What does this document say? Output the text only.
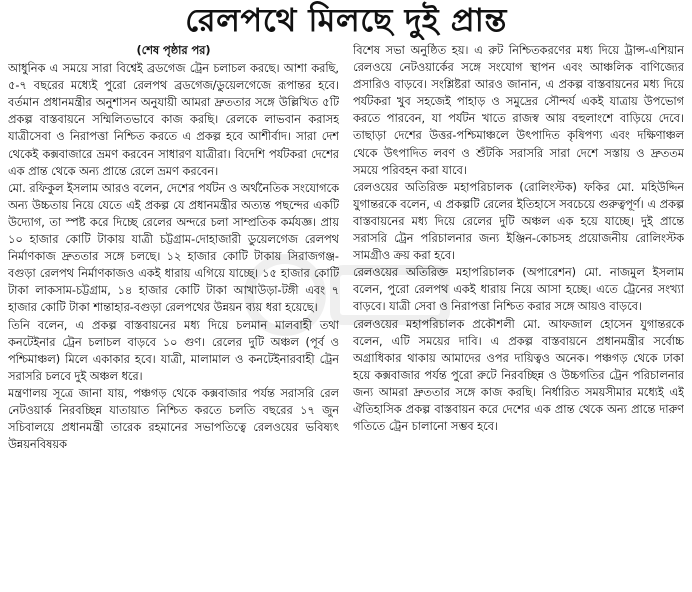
রেলপথে মিলছে দুই প্রান্ত

(শেষ পৃষ্ঠার পর)

আধুনিক এ সময়ে সারা বিশ্বেই ব্রডগেজ ট্রেন চলাচল করছে। আশা করছি, ৫-৭ বছরের মধ্যেই পুরো রেলপথ ব্রডগেজ/ডুয়েলগেজে রূপান্তর হবে। বর্তমান প্রধানমন্ত্রীর অনুশাসন অনুযায়ী আমরা দ্রুততার সঙ্গে উল্লিখিত ৫টি প্রকল্প বাস্তবায়নে সম্মিলিতভাবে কাজ করছি। রেলকে লাভবান করাসহ যাত্রীসেবা ও নিরাপত্তা নিশ্চিত করতে এ প্রকল্প হবে আশীর্বাদ। সারা দেশ থেকেই কক্সবাজারে ভ্রমণ করবেন সাধারণ যাত্রীরা। বিদেশি পর্যটকরা দেশের এক প্রান্ত থেকে অন্য প্রান্তে রেলে ভ্রমণ করবেন।

মো. রফিকুল ইসলাম আরও বলেন, দেশের পর্যটন ও অর্থনৈতিক সংযোগকে অন্য উচ্চতায় নিয়ে যেতে এই প্রকল্প যে প্রধানমন্ত্রীর অত্যন্ত পছন্দের একটি উদ্যোগ, তা স্পষ্ট করে দিচ্ছে রেলের অন্দরে চলা সাম্প্রতিক কর্মযজ্ঞ। প্রায় ১০ হাজার কোটি টাকায় যাত্রী চট্টগ্রাম-দোহাজারী ডুয়েলগেজ রেলপথ নির্মাণকাজ দ্রুততার সঙ্গে চলছে। ১২ হাজার কোটি টাকায় সিরাজগঞ্জ-বগুড়া রেলপথ নির্মাণকাজও একই ধারায় এগিয়ে যাচ্ছে। ১৫ হাজার কোটি টাকা লাকসাম-চট্টগ্রাম, ১৪ হাজার কোটি টাকা আখাউড়া-টঙ্গী এবং ৭ হাজার কোটি টাকা শান্তাহার-বগুড়া রেলপথের উন্নয়ন ব্যয় ধরা হয়েছে।

তিনি বলেন, এ প্রকল্প বাস্তবায়নের মধ্য দিয়ে চলমান মালবাহী তথা কনটেইনার ট্রেন চলাচল বাড়বে ১০ গুণ। রেলের দুটি অঞ্চল (পূর্ব ও পশ্চিমাঞ্চল) মিলে একাকার হবে। যাত্রী, মালামাল ও কনটেইনারবাহী ট্রেন সরাসরি চলবে দুই অঞ্চল ধরে।

মন্ত্রণালয় সূত্রে জানা যায়, পঞ্চগড় থেকে কক্সবাজার পর্যন্ত সরাসরি রেল নেটওয়ার্ক নিরবচ্ছিন্ন যাতায়াত নিশ্চিত করতে চলতি বছরের ১৭ জুন সচিবালয়ে প্রধানমন্ত্রী তারেক রহমানের সভাপতিত্বে রেলওয়ের ভবিষ্যৎ উন্নয়নবিষয়ক

বিশেষ সভা অনুষ্ঠিত হয়। এ রুট নিশ্চিতকরণের মধ্য দিয়ে ট্রান্স-এশিয়ান রেলওয়ে নেটওয়ার্কের সঙ্গে সংযোগ স্থাপন এবং আঞ্চলিক বাণিজ্যের প্রসারিও বাড়বে। সংশ্লিষ্টরা আরও জানান, এ প্রকল্প বাস্তবায়নের মধ্য দিয়ে পর্যটকরা খুব সহজেই পাহাড় ও সমুদ্রের সৌন্দর্য একই যাত্রায় উপভোগ করতে পারবেন, যা পর্যটন খাতে রাজস্ব আয় বহুলাংশে বাড়িয়ে দেবে। তাছাড়া দেশের উত্তর-পশ্চিমাঞ্চলে উৎপাদিত কৃষিপণ্য এবং দক্ষিণাঞ্চল থেকে উৎপাদিত লবণ ও শুঁটকি সরাসরি সারা দেশে সস্তায় ও দ্রুততম সময়ে পরিবহন করা যাবে।

রেলওয়ের অতিরিক্ত মহাপরিচালক (রোলিংস্টক) ফকির মো. মহিউদ্দিন যুগান্তরকে বলেন, এ প্রকল্পটি রেলের ইতিহাসে সবচেয়ে গুরুত্বপূর্ণ। এ প্রকল্প বাস্তবায়নের মধ্য দিয়ে রেলের দুটি অঞ্চল এক হয়ে যাচ্ছে। দুই প্রান্তে সরাসরি ট্রেন পরিচালনার জন্য ইঞ্জিন-কোচসহ প্রয়োজনীয় রোলিংস্টক সামগ্রীও ক্রয় করা হবে।

রেলওয়ের অতিরিক্ত মহাপরিচালক (অপারেশন) মো. নাজমুল ইসলাম বলেন, পুরো রেলপথ একই ধারায় নিয়ে আসা হচ্ছে। এতে ট্রেনের সংখ্যা বাড়বে। যাত্রী সেবা ও নিরাপত্তা নিশ্চিত করার সঙ্গে আয়ও বাড়বে।

রেলওয়ের মহাপরিচালক প্রকৌশলী মো. আফজাল হোসেন যুগান্তরকে বলেন, এটি সময়ের দাবি। এ প্রকল্প বাস্তবায়নে প্রধানমন্ত্রীর সর্বোচ্চ অগ্রাধিকার থাকায় আমাদের ওপর দায়িত্বও অনেক। পঞ্চগড় থেকে ঢাকা হয়ে কক্সবাজার পর্যন্ত পুরো রুটে নিরবচ্ছিন্ন ও উচ্চগতির ট্রেন পরিচালনার জন্য আমরা দ্রুততার সঙ্গে কাজ করছি। নির্ধারিত সময়সীমার মধ্যেই এই ঐতিহাসিক প্রকল্প বাস্তবায়ন করে দেশের এক প্রান্ত থেকে অন্য প্রান্তে দারুণ গতিতে ট্রেন চালানো সম্ভব হবে।
